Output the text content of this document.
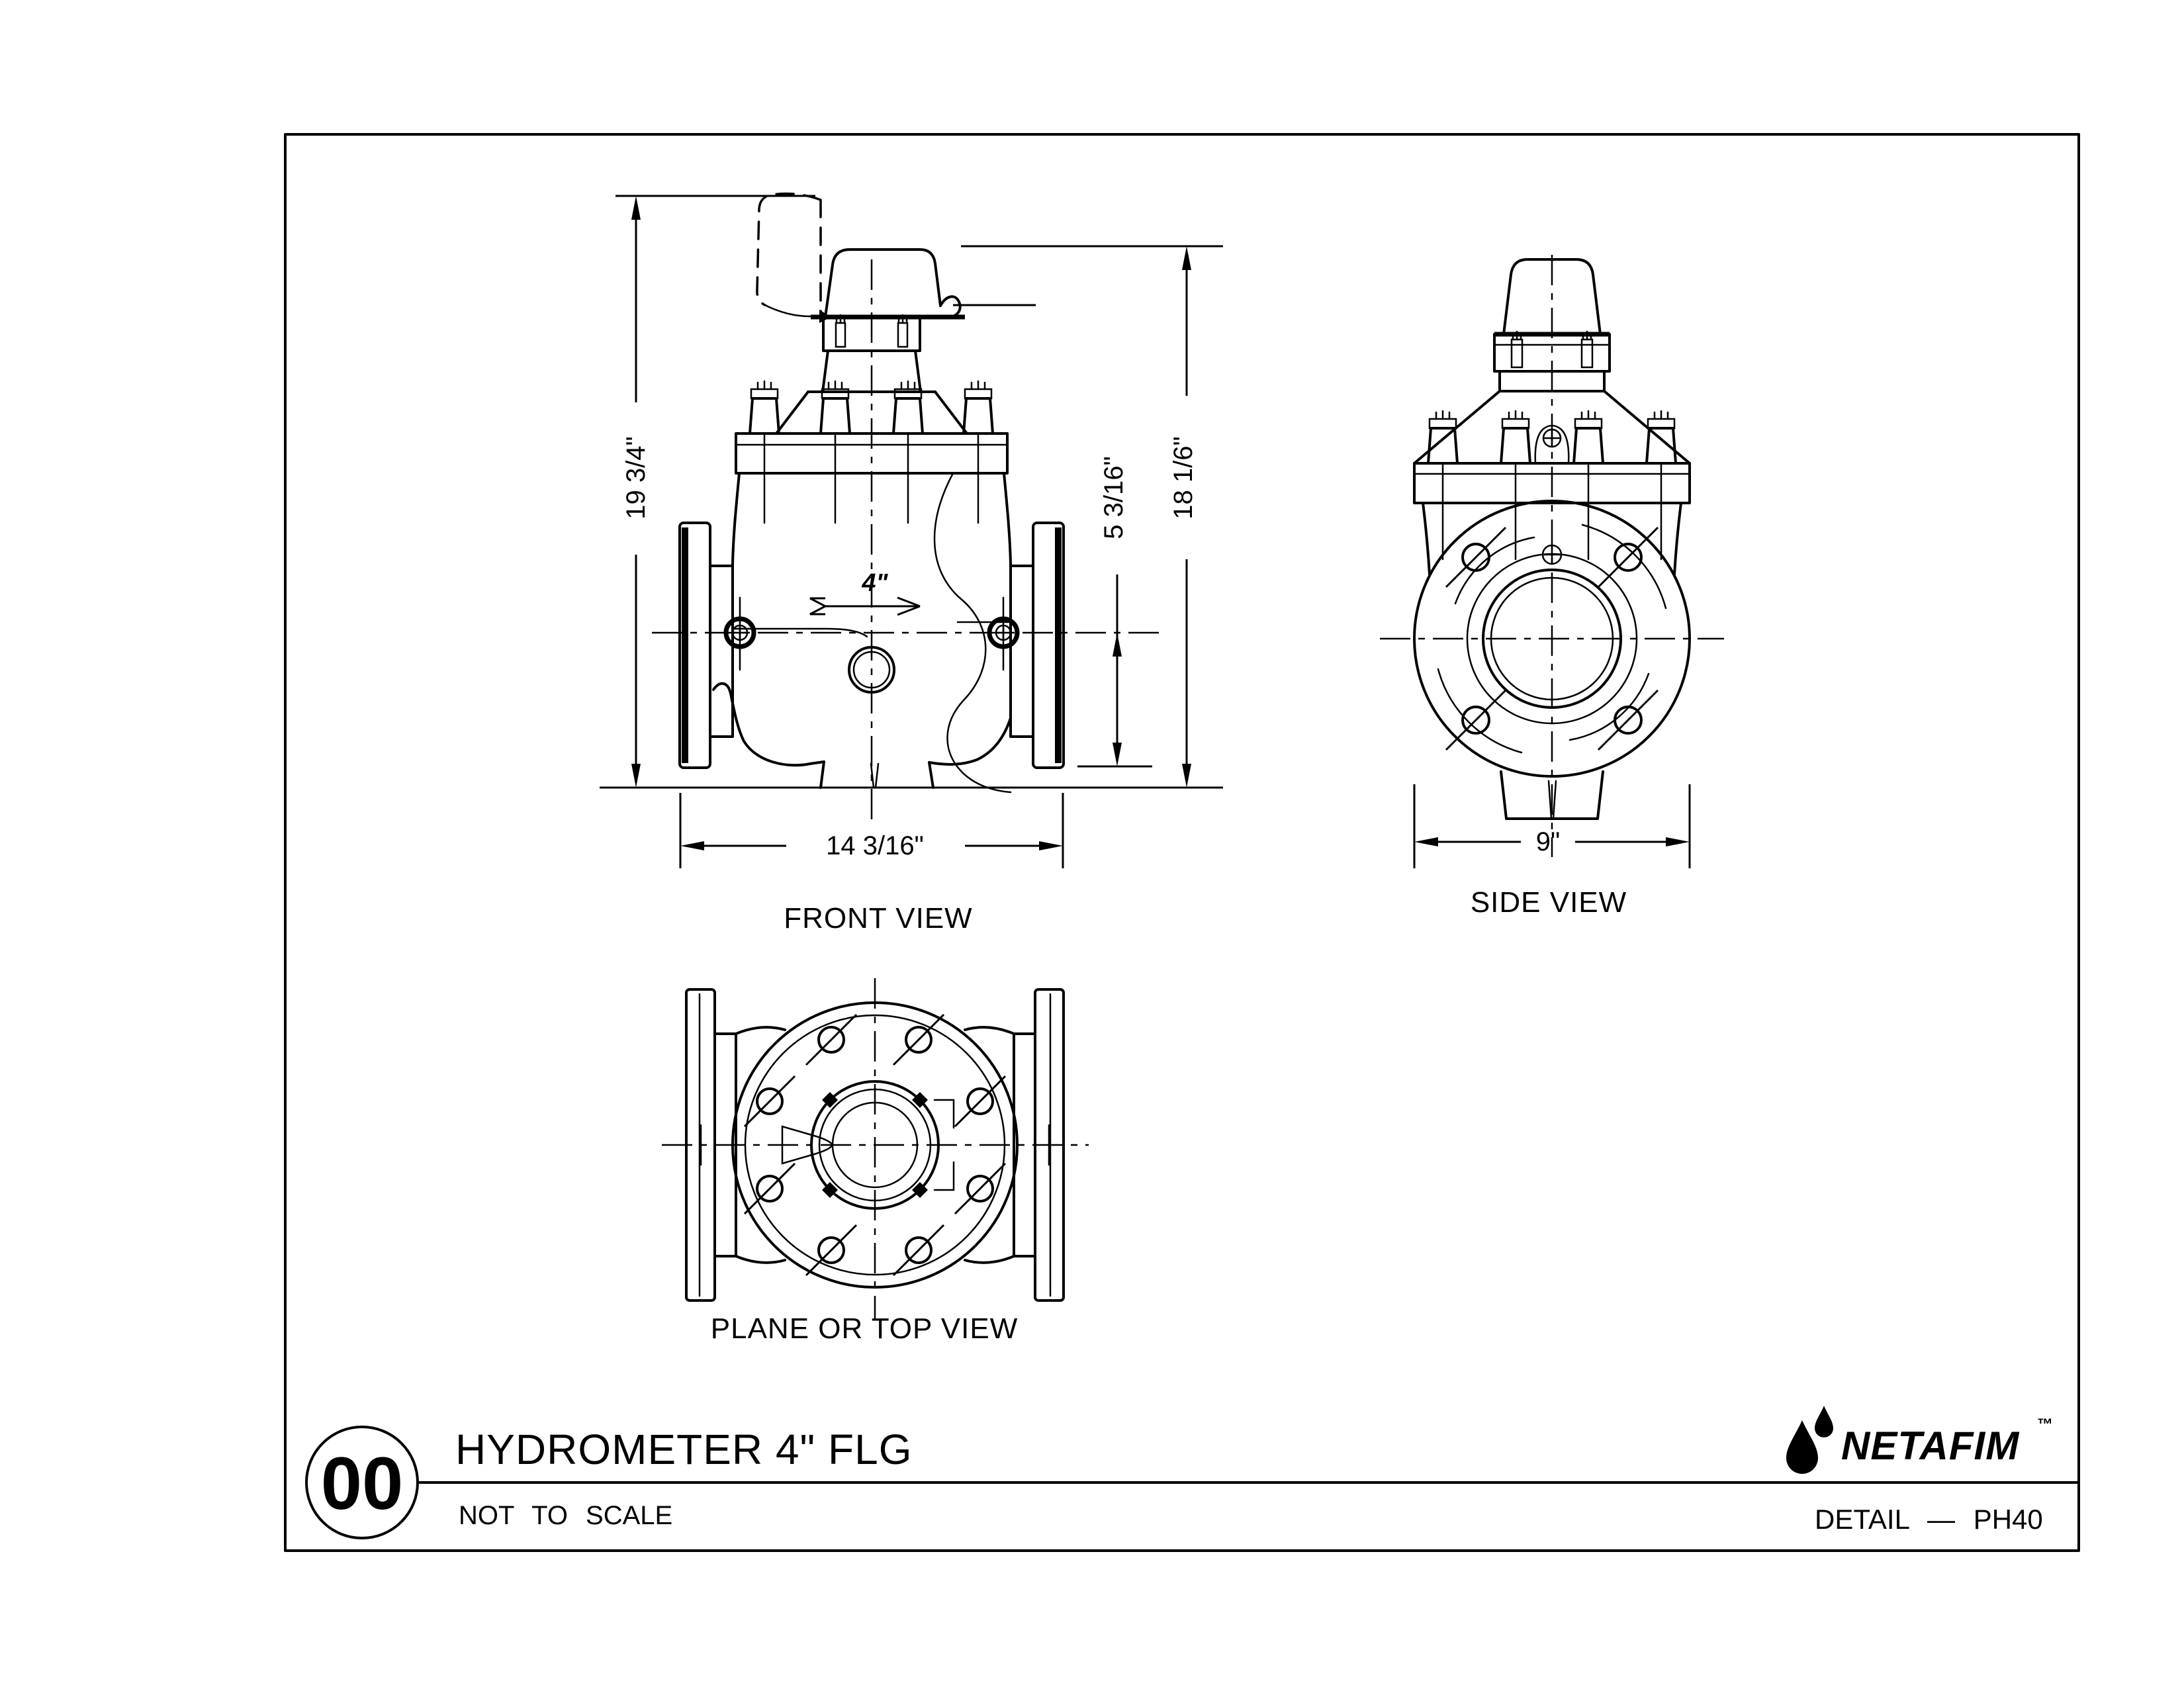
4"
19 3/4"	5 3/16" 18 1/6"
14 3/16"
FRONT VIEW
9"
SIDE VIEW
PLANE OR TOP VIEW
00 HYDROMETER 4" FLG
NOT TO SCALE	DETAIL — PH40
NETAFIM ™
